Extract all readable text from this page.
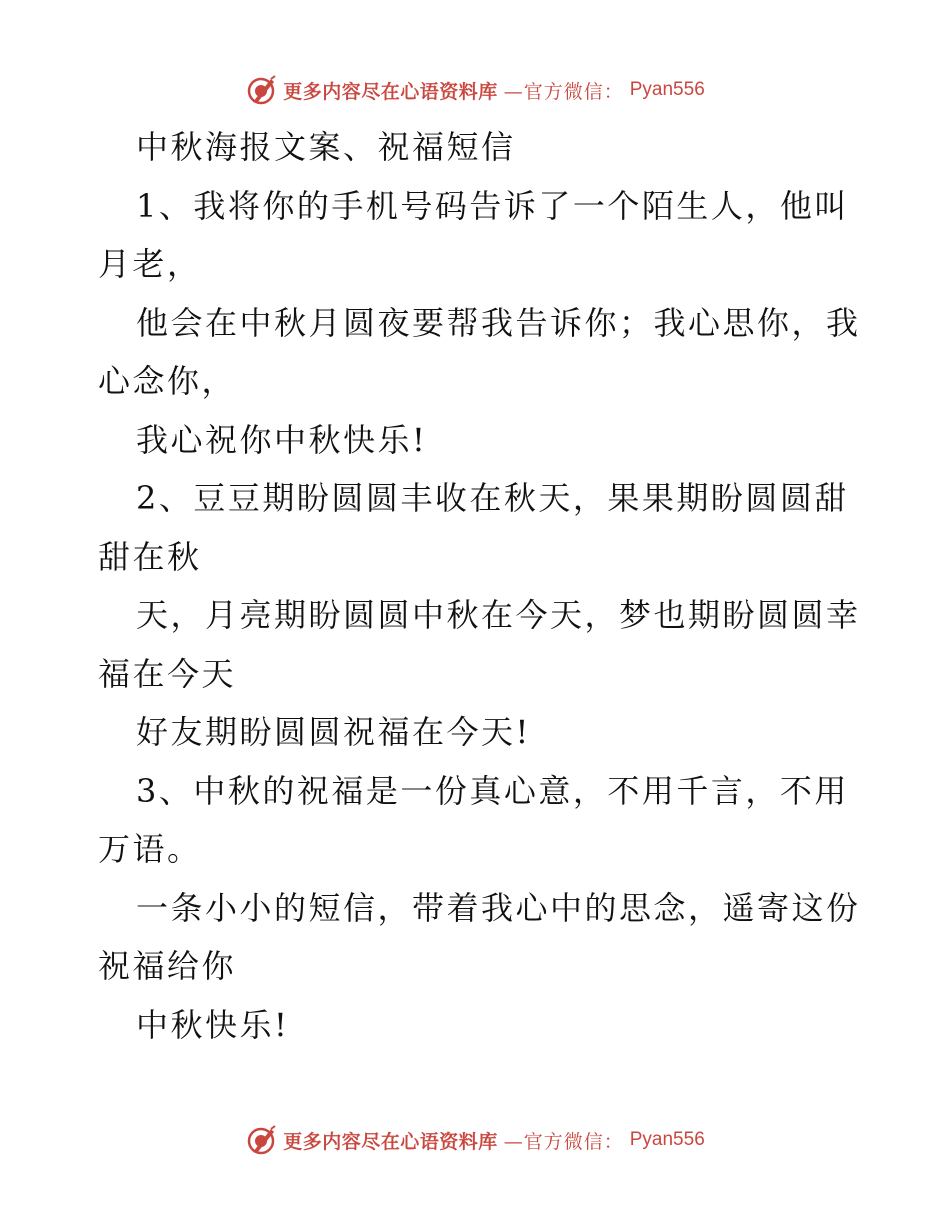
更多内容尽在心语资料库 —官方微信： Pyan556
中秋海报文案、祝福短信
1、我将你的手机号码告诉了一个陌生人，他叫
月老，
他会在中秋月圆夜要帮我告诉你；我心思你，我
心念你，
我心祝你中秋快乐!
2、豆豆期盼圆圆丰收在秋天，果果期盼圆圆甜
甜在秋
天，月亮期盼圆圆中秋在今天，梦也期盼圆圆幸
福在今天
好友期盼圆圆祝福在今天!
3、中秋的祝福是一份真心意，不用千言，不用
万语。
一条小小的短信，带着我心中的思念，遥寄这份
祝福给你
中秋快乐!
更多内容尽在心语资料库 —官方微信： Pyan556
